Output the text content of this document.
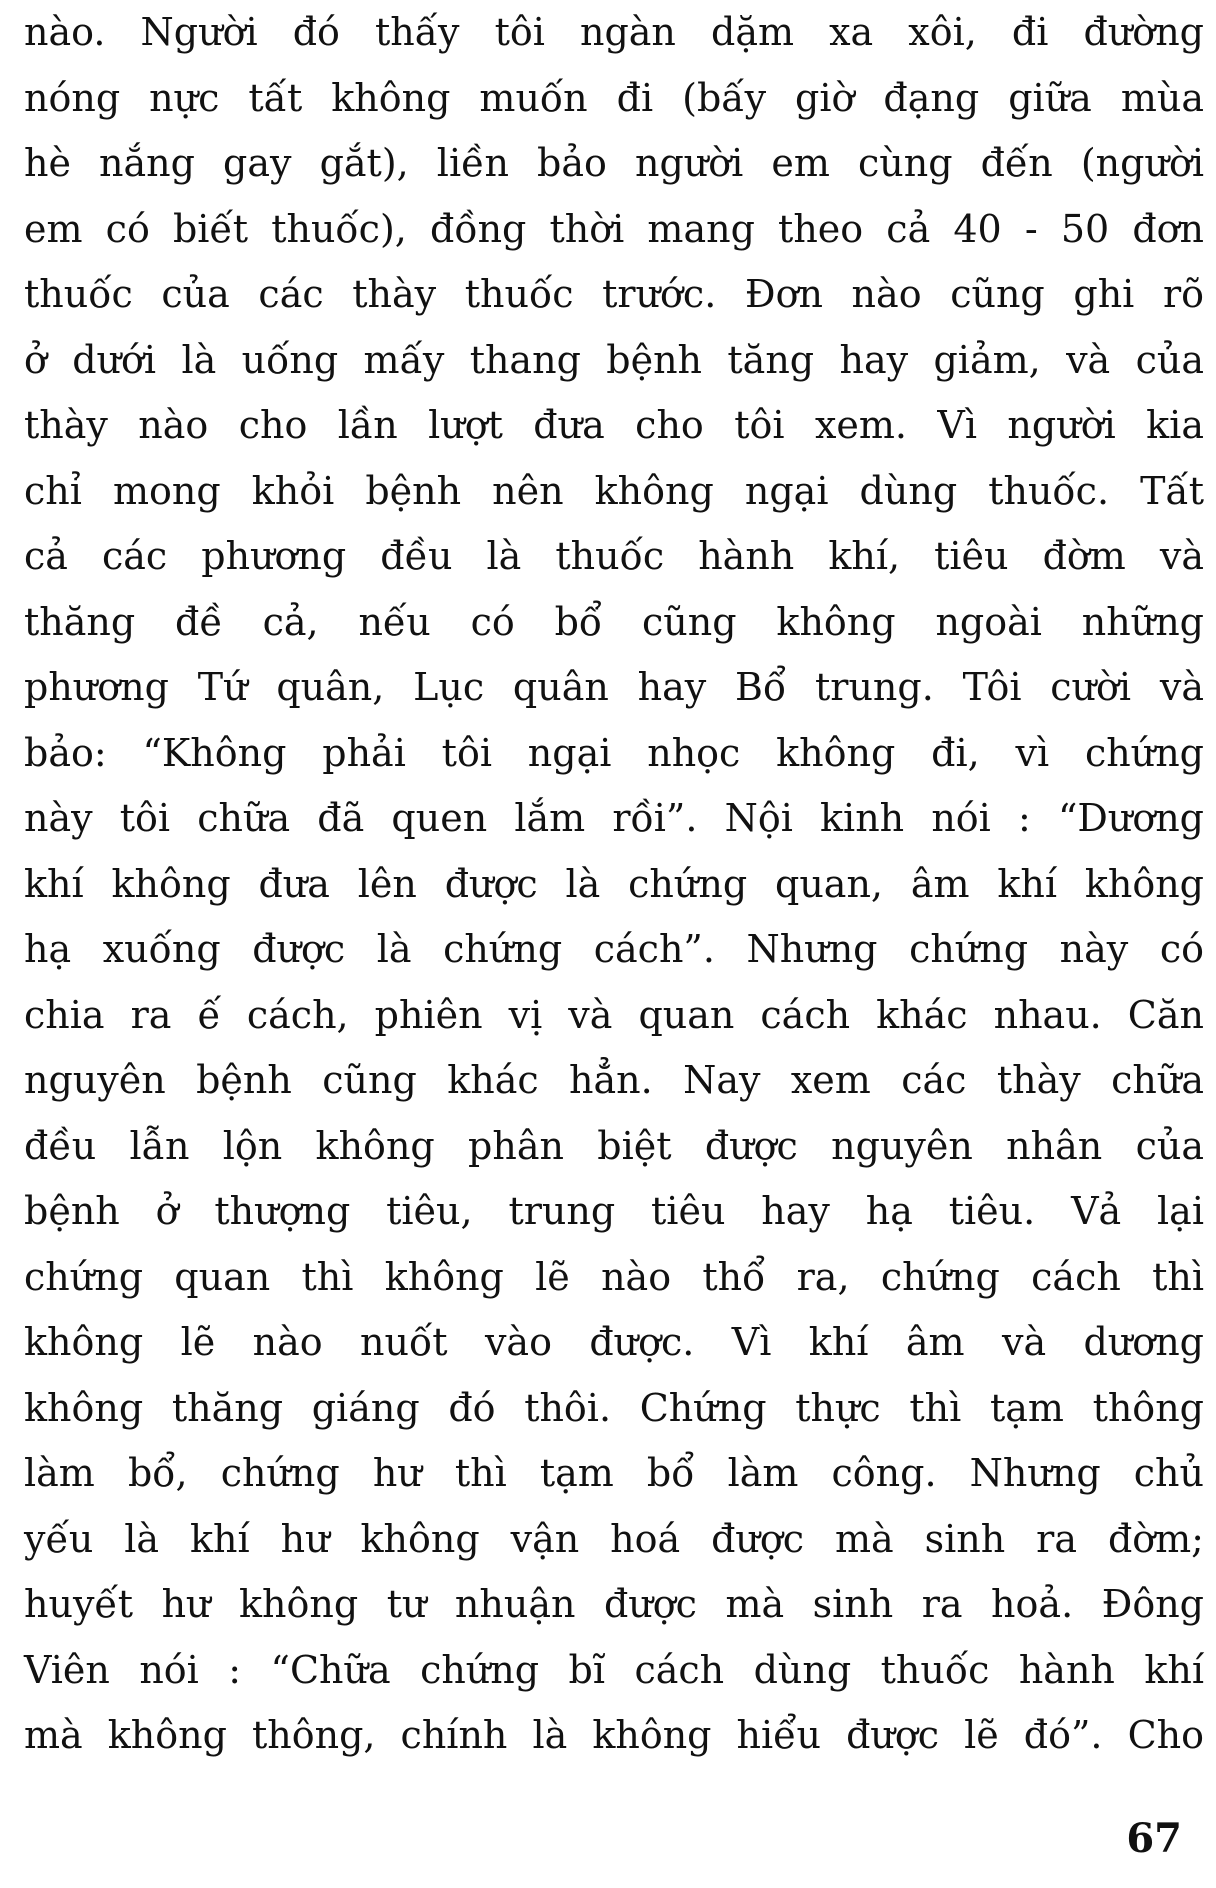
nào. Người đó thấy tôi ngàn dặm xa xôi, đi đường
nóng nực tất không muốn đi (bấy giờ đạng giữa mùa
hè nắng gay gắt), liền bảo người em cùng đến (người
em có biết thuốc), đồng thời mang theo cả 40 - 50 đơn
thuốc của các thày thuốc trước. Đơn nào cũng ghi rõ
ở dưới là uống mấy thang bệnh tăng hay giảm, và của
thày nào cho lần lượt đưa cho tôi xem. Vì người kia
chỉ mong khỏi bệnh nên không ngại dùng thuốc. Tất
cả các phương đều là thuốc hành khí, tiêu đờm và
thăng đề cả, nếu có bổ cũng không ngoài những
phương Tứ quân, Lục quân hay Bổ trung. Tôi cười và
bảo: “Không phải tôi ngại nhọc không đi, vì chứng
này tôi chữa đã quen lắm rồi”. Nội kinh nói : “Dương
khí không đưa lên được là chứng quan, âm khí không
hạ xuống được là chứng cách”. Nhưng chứng này có
chia ra ế cách, phiên vị và quan cách khác nhau. Căn
nguyên bệnh cũng khác hẳn. Nay xem các thày chữa
đều lẫn lộn không phân biệt được nguyên nhân của
bệnh ở thượng tiêu, trung tiêu hay hạ tiêu. Vả lại
chứng quan thì không lẽ nào thổ ra, chứng cách thì
không lẽ nào nuốt vào được. Vì khí âm và dương
không thăng giáng đó thôi. Chứng thực thì tạm thông
làm bổ, chứng hư thì tạm bổ làm công. Nhưng chủ
yếu là khí hư không vận hoá được mà sinh ra đờm;
huyết hư không tư nhuận được mà sinh ra hoả. Đông
Viên nói : “Chữa chứng bĩ cách dùng thuốc hành khí
mà không thông, chính là không hiểu được lẽ đó”. Cho
67
